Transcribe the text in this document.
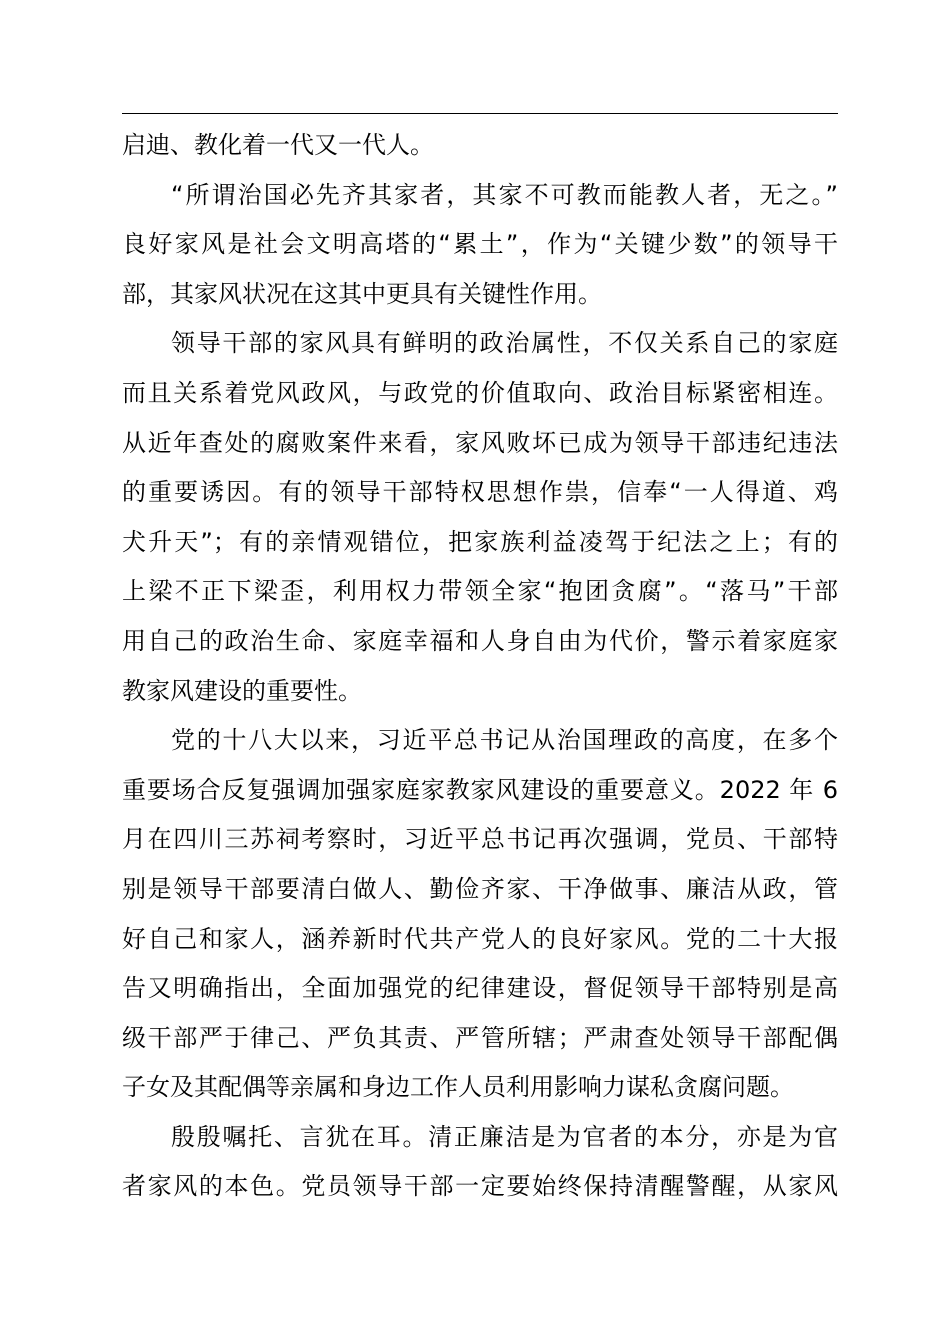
启迪、教化着一代又一代人。
“所谓治国必先齐其家者，其家不可教而能教人者，无之。”
良好家风是社会文明高塔的“累土”，作为“关键少数”的领导干
部，其家风状况在这其中更具有关键性作用。
领导干部的家风具有鲜明的政治属性，不仅关系自己的家庭
而且关系着党风政风，与政党的价值取向、政治目标紧密相连。
从近年查处的腐败案件来看，家风败坏已成为领导干部违纪违法
的重要诱因。有的领导干部特权思想作祟，信奉“一人得道、鸡
犬升天”；有的亲情观错位，把家族利益凌驾于纪法之上；有的
上梁不正下梁歪，利用权力带领全家“抱团贪腐”。“落马”干部
用自己的政治生命、家庭幸福和人身自由为代价，警示着家庭家
教家风建设的重要性。
党的十八大以来，习近平总书记从治国理政的高度，在多个
重要场合反复强调加强家庭家教家风建设的重要意义。2022 年 6
月在四川三苏祠考察时，习近平总书记再次强调，党员、干部特
别是领导干部要清白做人、勤俭齐家、干净做事、廉洁从政，管
好自己和家人，涵养新时代共产党人的良好家风。党的二十大报
告又明确指出，全面加强党的纪律建设，督促领导干部特别是高
级干部严于律己、严负其责、严管所辖；严肃查处领导干部配偶
子女及其配偶等亲属和身边工作人员利用影响力谋私贪腐问题。
殷殷嘱托、言犹在耳。清正廉洁是为官者的本分，亦是为官
者家风的本色。党员领导干部一定要始终保持清醒警醒，从家风
